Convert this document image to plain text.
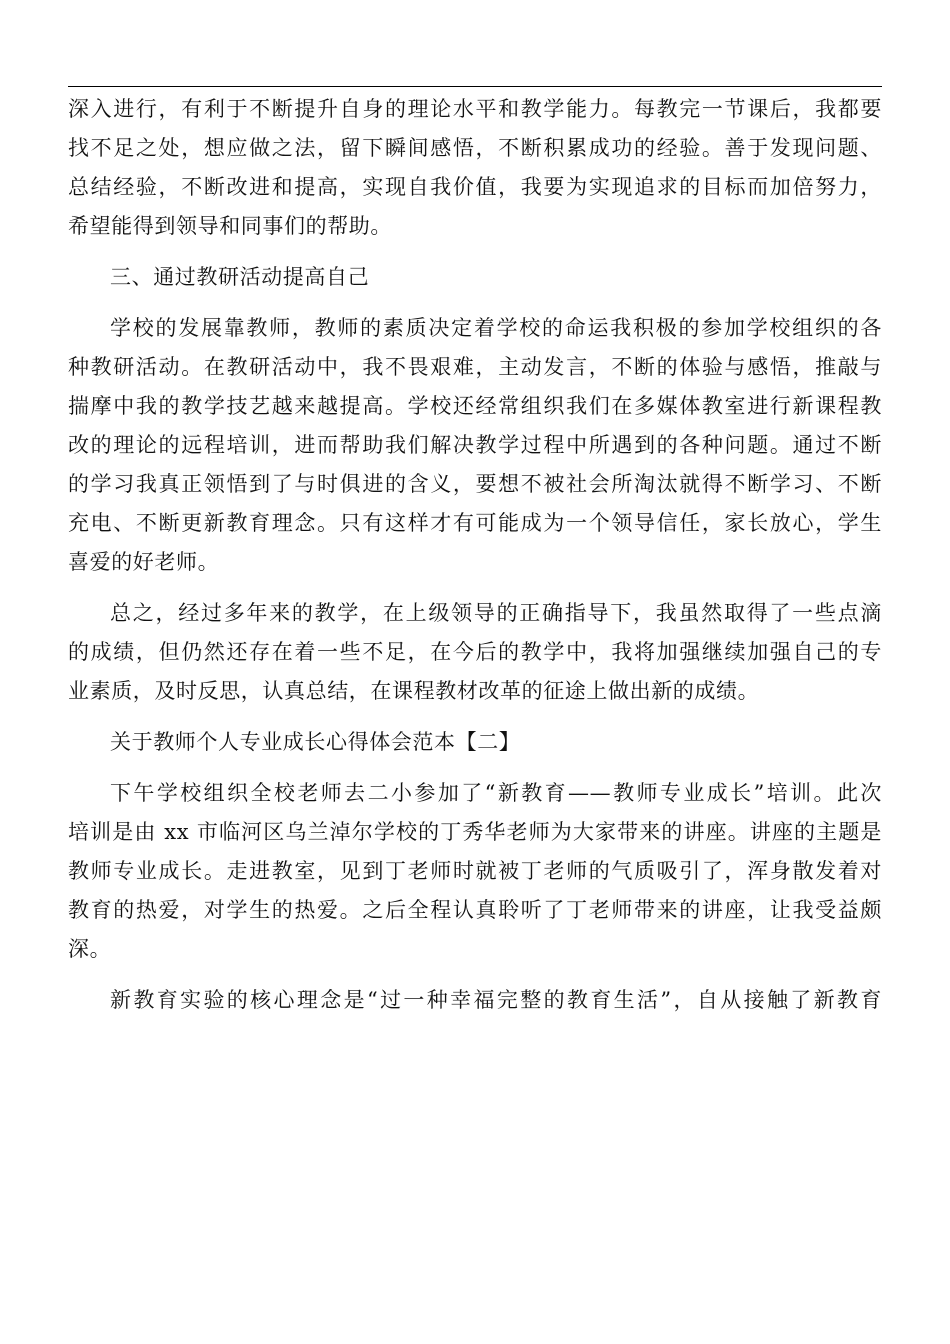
深入进行，有利于不断提升自身的理论水平和教学能力。每教完一节课后，我都要
找不足之处，想应做之法，留下瞬间感悟，不断积累成功的经验。善于发现问题、
总结经验，不断改进和提高，实现自我价值，我要为实现追求的目标而加倍努力，
希望能得到领导和同事们的帮助。

三、通过教研活动提高自己

学校的发展靠教师，教师的素质决定着学校的命运我积极的参加学校组织的各
种教研活动。在教研活动中，我不畏艰难，主动发言，不断的体验与感悟，推敲与
揣摩中我的教学技艺越来越提高。学校还经常组织我们在多媒体教室进行新课程教
改的理论的远程培训，进而帮助我们解决教学过程中所遇到的各种问题。通过不断
的学习我真正领悟到了与时俱进的含义，要想不被社会所淘汰就得不断学习、不断
充电、不断更新教育理念。只有这样才有可能成为一个领导信任，家长放心，学生
喜爱的好老师。

总之，经过多年来的教学，在上级领导的正确指导下，我虽然取得了一些点滴
的成绩，但仍然还存在着一些不足，在今后的教学中，我将加强继续加强自己的专
业素质，及时反思，认真总结，在课程教材改革的征途上做出新的成绩。

关于教师个人专业成长心得体会范本【二】

下午学校组织全校老师去二小参加了“新教育——教师专业成长”培训。此次
培训是由 xx 市临河区乌兰淖尔学校的丁秀华老师为大家带来的讲座。讲座的主题是
教师专业成长。走进教室，见到丁老师时就被丁老师的气质吸引了，浑身散发着对
教育的热爱，对学生的热爱。之后全程认真聆听了丁老师带来的讲座，让我受益颇
深。

新教育实验的核心理念是“过一种幸福完整的教育生活”，自从接触了新教育
